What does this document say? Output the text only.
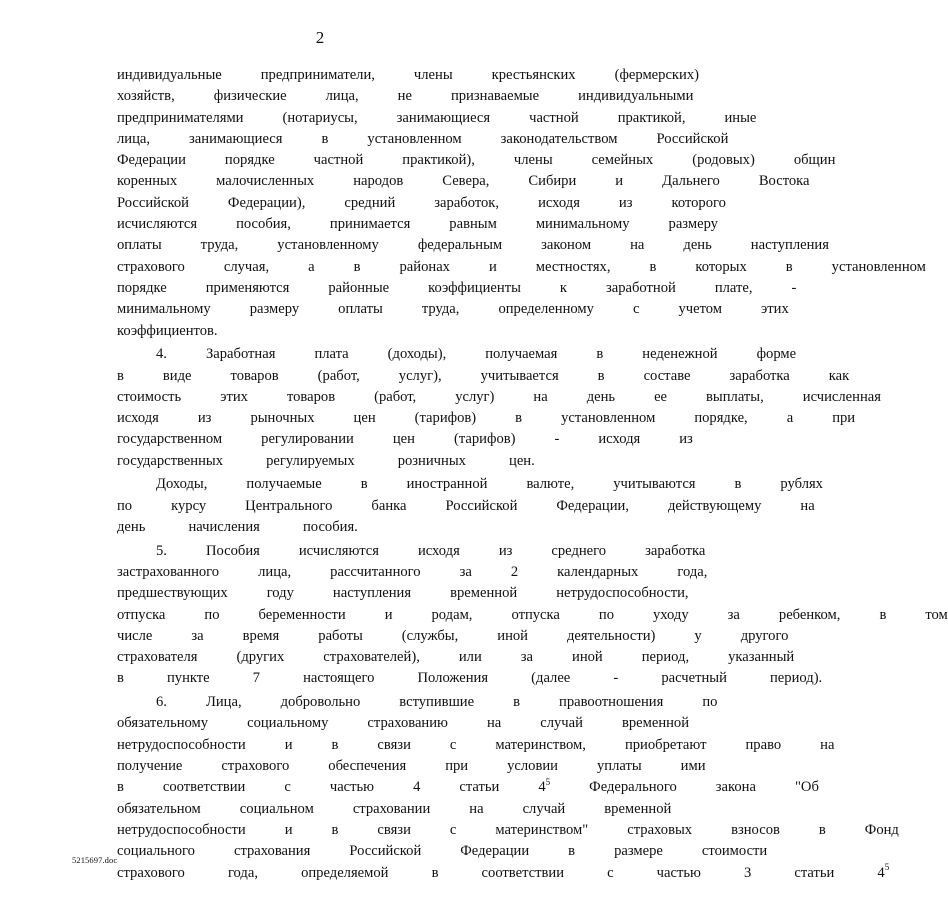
2
индивидуальные	предприниматели,	члены	крестьянских	(фермерских)
хозяйств,	физические	лица,	не	признаваемые	индивидуальными
предпринимателями	(нотариусы,	занимающиеся	частной	практикой,	иные
лица,	занимающиеся	в	установленном	законодательством	Российской
Федерации	порядке	частной	практикой),	члены	семейных	(родовых)	общин
коренных	малочисленных	народов	Севера,	Сибири	и	Дальнего	Востока
Российской	Федерации),	средний	заработок,	исходя	из	которого
исчисляются	пособия,	принимается	равным	минимальному	размеру
оплаты	труда,	установленному	федеральным	законом	на	день	наступления
страхового	случая,	а	в	районах	и	местностях,	в	которых	в	установленном
порядке	применяются	районные	коэффициенты	к	заработной	плате,	-
минимальному	размеру	оплаты	труда,	определенному	с	учетом	этих
коэффициентов.
4.	Заработная	плата	(доходы),	получаемая	в	неденежной	форме
в	виде	товаров	(работ,	услуг),	учитывается	в	составе	заработка	как
стоимость	этих	товаров	(работ,	услуг)	на	день	ее	выплаты,	исчисленная
исходя	из	рыночных	цен	(тарифов)	в	установленном	порядке,	а	при
государственном	регулировании	цен	(тарифов)	-	исходя	из
государственных	регулируемых	розничных	цен.
Доходы,	получаемые	в	иностранной	валюте,	учитываются	в	рублях
по	курсу	Центрального	банка	Российской	Федерации,	действующему	на
день	начисления	пособия.
5.	Пособия	исчисляются	исходя	из	среднего	заработка
застрахованного	лица,	рассчитанного	за	2	календарных	года,
предшествующих	году	наступления	временной	нетрудоспособности,
отпуска	по	беременности	и	родам,	отпуска	по	уходу	за	ребенком,	в	том
числе	за	время	работы	(службы,	иной	деятельности)	у	другого
страхователя	(других	страхователей),	или	за	иной	период,	указанный
в	пункте	7	настоящего	Положения	(далее	-	расчетный	период).
6.	Лица,	добровольно	вступившие	в	правоотношения	по
обязательному	социальному	страхованию	на	случай	временной
нетрудоспособности	и	в	связи	с	материнством,	приобретают	право	на
получение	страхового	обеспечения	при	условии	уплаты	ими
в	соответствии	с	частью	4	статьи	$4^5$	Федерального	закона	"Об
обязательном	социальном	страховании	на	случай	временной
нетрудоспособности	и	в	связи	с	материнством"	страховых	взносов	в	Фонд
социального	страхования	Российской	Федерации	в	размере	стоимости
страхового	года,	определяемой	в	соответствии	с	частью	3	статьи	$4^5$
5215697.doc
